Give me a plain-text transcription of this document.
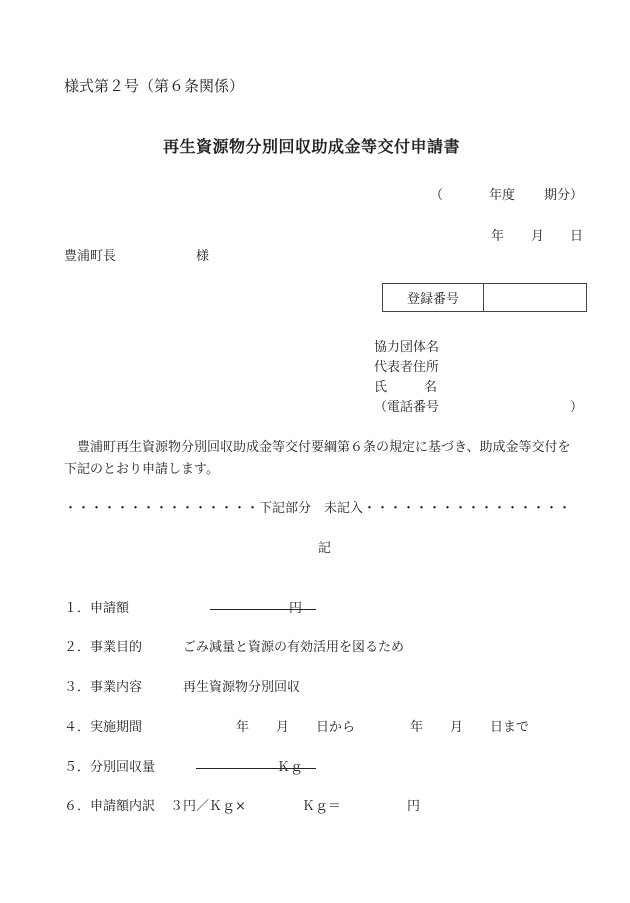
様式第２号（第６条関係）
再生資源物分別回収助成金等交付申請書
（	年度 期分）
年 月 日
豊浦町長	様
登録番号
協力団体名
代表者住所
氏	名
（電話番号	）
豊浦町再生資源物分別回収助成金等交付要綱第６条の規定に基づき、助成金等交付を
下記のとおり申請します。
・・・・・・・・・・・・・・・下記部分　未記入・・・・・・・・・・・・・・・・
記
１． 申請額	円
２． 事業目的	ごみ減量と資源の有効活用を図るため
３． 事業内容	再生資源物分別回収
４． 実施期間	年 月 日から	年 月 日まで
５． 分別回収量	Ｋｇ
６． 申請額内訳 ３円／Ｋｇ×	Ｋｇ＝	円
